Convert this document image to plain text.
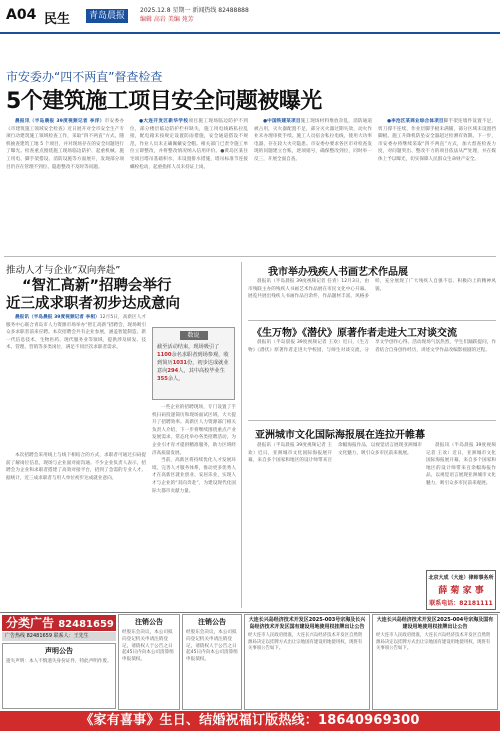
A04 民生	青岛晨报
2025.12.8 星期一 新闻热线 82488888
编辑 高岩 美编 苑芳
市安委办“四不两直”督查检查
5个建筑施工项目安全问题被曝光

晨报讯（半岛晨报 39度视频记者 李洋）市安委办《市建筑施工领域安全检查》近日展开对全市安全生产专项行动建筑施工领域检查工作，采取“四不两直”方式，随机抽查建筑工地 5 个项目，并对现场存在的安全问题进行了曝光。检查重点围绕施工现场临边防护、起重机械、施工用电、脚手架搭设、消防设施等方面展开，发现部分项目仍存在管理不到位、隐患整改不及时等问题。

●大连开发区新华学校项目施工现场临边防护不到位，部分楼层临边防护栏杆缺失，施工用电线路私拉乱接，配电箱未按规定设置防雨措施，安全通道搭设不规范，作业人员未正确佩戴安全帽。相关部门已责令施工单位立即整改，并将整改情况纳入信用评价。●黄岛区某住宅项目塔吊基础积水，未设置排水措施，塔吊标准节连接螺栓松动，起重指挥人员未持证上岗。

●中国铁建某项目施工现场材料堆放杂乱，消防通道被占用，灭火器配置不足，部分灭火器过期失效，动火作业未办理审批手续。施工人员宿舍私拉电线，使用大功率电器，存在较大火灾隐患。市安委办要求各区市对检查发现的问题建立台账，逐项销号，确保整改到位，同时举一反三，开展全面自查。

●李沧区某商业综合体项目脚手架连墙件设置不足，剪刀撑不连续，作业层脚手板未满铺，部分区域未设置挡脚板。施工升降机防坠安全器超过检测有效期。下一步，市安委办将继续采取“四不两直”方式，加大督查检查力度，对问题突出、整改不力的项目依法从严处理，并在媒体上予以曝光，切实保障人民群众生命财产安全。

推动人才与企业“双向奔赴”
“智汇高新”招聘会举行
近三成求职者初步达成意向

晨报讯（半岛晨报 39度视频记者 李相）12月5日，高新区人才服务中心联合青岛市人力资源市场举办“智汇高新”招聘会，现场吸引众多求职者前来应聘。本次招聘会共有企业参展，涵盖智能制造、新一代信息技术、生物医药、现代服务业等领域，提供涉及研发、技术、管理、营销等多类岗位，满足不同层次求职者需求。

本次招聘会采用线上与线下相结合的方式，求职者可通过扫码提前了解岗位信息，现场与企业面对面沟通。不少企业负责人表示，招聘会为企业和求职者搭建了高效对接平台，招到了急需的专业人才。据统计，近三成求职者与用人单位初步达成就业意向。

一些企业的招聘现场，专门设置了手机扫码投递简历和现场面试区域，大大提升了招聘效率。高新区人力资源部门相关负责人介绍，下一步将继续围绕重点产业发展需求，常态化举办各类招聘活动，为企业引才育才提供精准服务，助力区域经济高质量发展。

当前，高新区将持续优化人才发展环境，完善人才服务体系，推动更多优秀人才在高新区就业创业、安居乐业，实现人才与企业的“双向奔赴”，为建设现代化国际大都市贡献力量。

数说
截至活动结束，现场吸引了1100余名求职者到场参观，收到简历1031份，初步达成就业意向294人，其中高校毕业生355余人。
我市举办残疾人书画艺术作品展

晨报讯（半岛晨报 39度视频记者 任青）12月3日，由市残联主办的残疾人书画艺术作品展在市民文化中心开幕。展览共展出残疾人书画作品百余件，作品题材丰富、风格多样，充分展现了广大残疾人自强不息、积极向上的精神风貌。

《生万物》《潜伏》原著作者走进大工对谈交流

晨报讯（半岛晨报 39度视频记者 王欢）近日，《生万物》《潜伏》原著作者走进大学校园，与师生对谈交流，分享文学创作心得。活动现场气氛热烈，学生们踊跃提问，作者结合自身创作经历，讲述文学作品改编影视剧的过程。

亚洲城市文化国际海报展在连拉开帷幕

晨报讯（半岛晨报 39度视频记者 王欢）近日，亚洲城市文化国际海报展开幕，来自多个国家和地区的设计师带来百余幅海报作品，以视觉语言展现亚洲城市文化魅力，吸引众多市民前来观展。

晨报讯（半岛晨报 39度视频记者 王欢）近日，亚洲城市文化国际海报展开幕，来自多个国家和地区的设计师带来百余幅海报作品，以视觉语言展现亚洲城市文化魅力，吸引众多市民前来观展。

北京大成（大连）律师事务所
薛 菊 家 事
联系电话：82181111
分类广告 82481659
广告热线 82481659 联系人：王先生
声明公告
遗失声明：本人不慎遗失身份证件，特此声明作废。
注销公告
经股东会决议，本公司拟向登记机关申请注销登记，请债权人于公告之日起45日内向本公司清算组申报债权。
注销公告
经股东会决议，本公司拟向登记机关申请注销登记，请债权人于公告之日起45日内向本公司清算组申报债权。
大连长兴岛经济技术开发区2025-003号宗海及长兴岛经济技术开发区国有建设用地使用权挂牌出让公告
经大连市人民政府批准，大连长兴岛经济技术开发区自然资源局决定以挂牌方式出让宗地国有建设用地使用权，现将有关事项公告如下。
大连长兴岛经济技术开发区2025-004号宗海及国有建设用地使用权挂牌出让公告
经大连市人民政府批准，大连长兴岛经济技术开发区自然资源局决定以挂牌方式出让宗地国有建设用地使用权，现将有关事项公告如下。
《家有喜事》生日、结婚祝福订版热线：18640969300
